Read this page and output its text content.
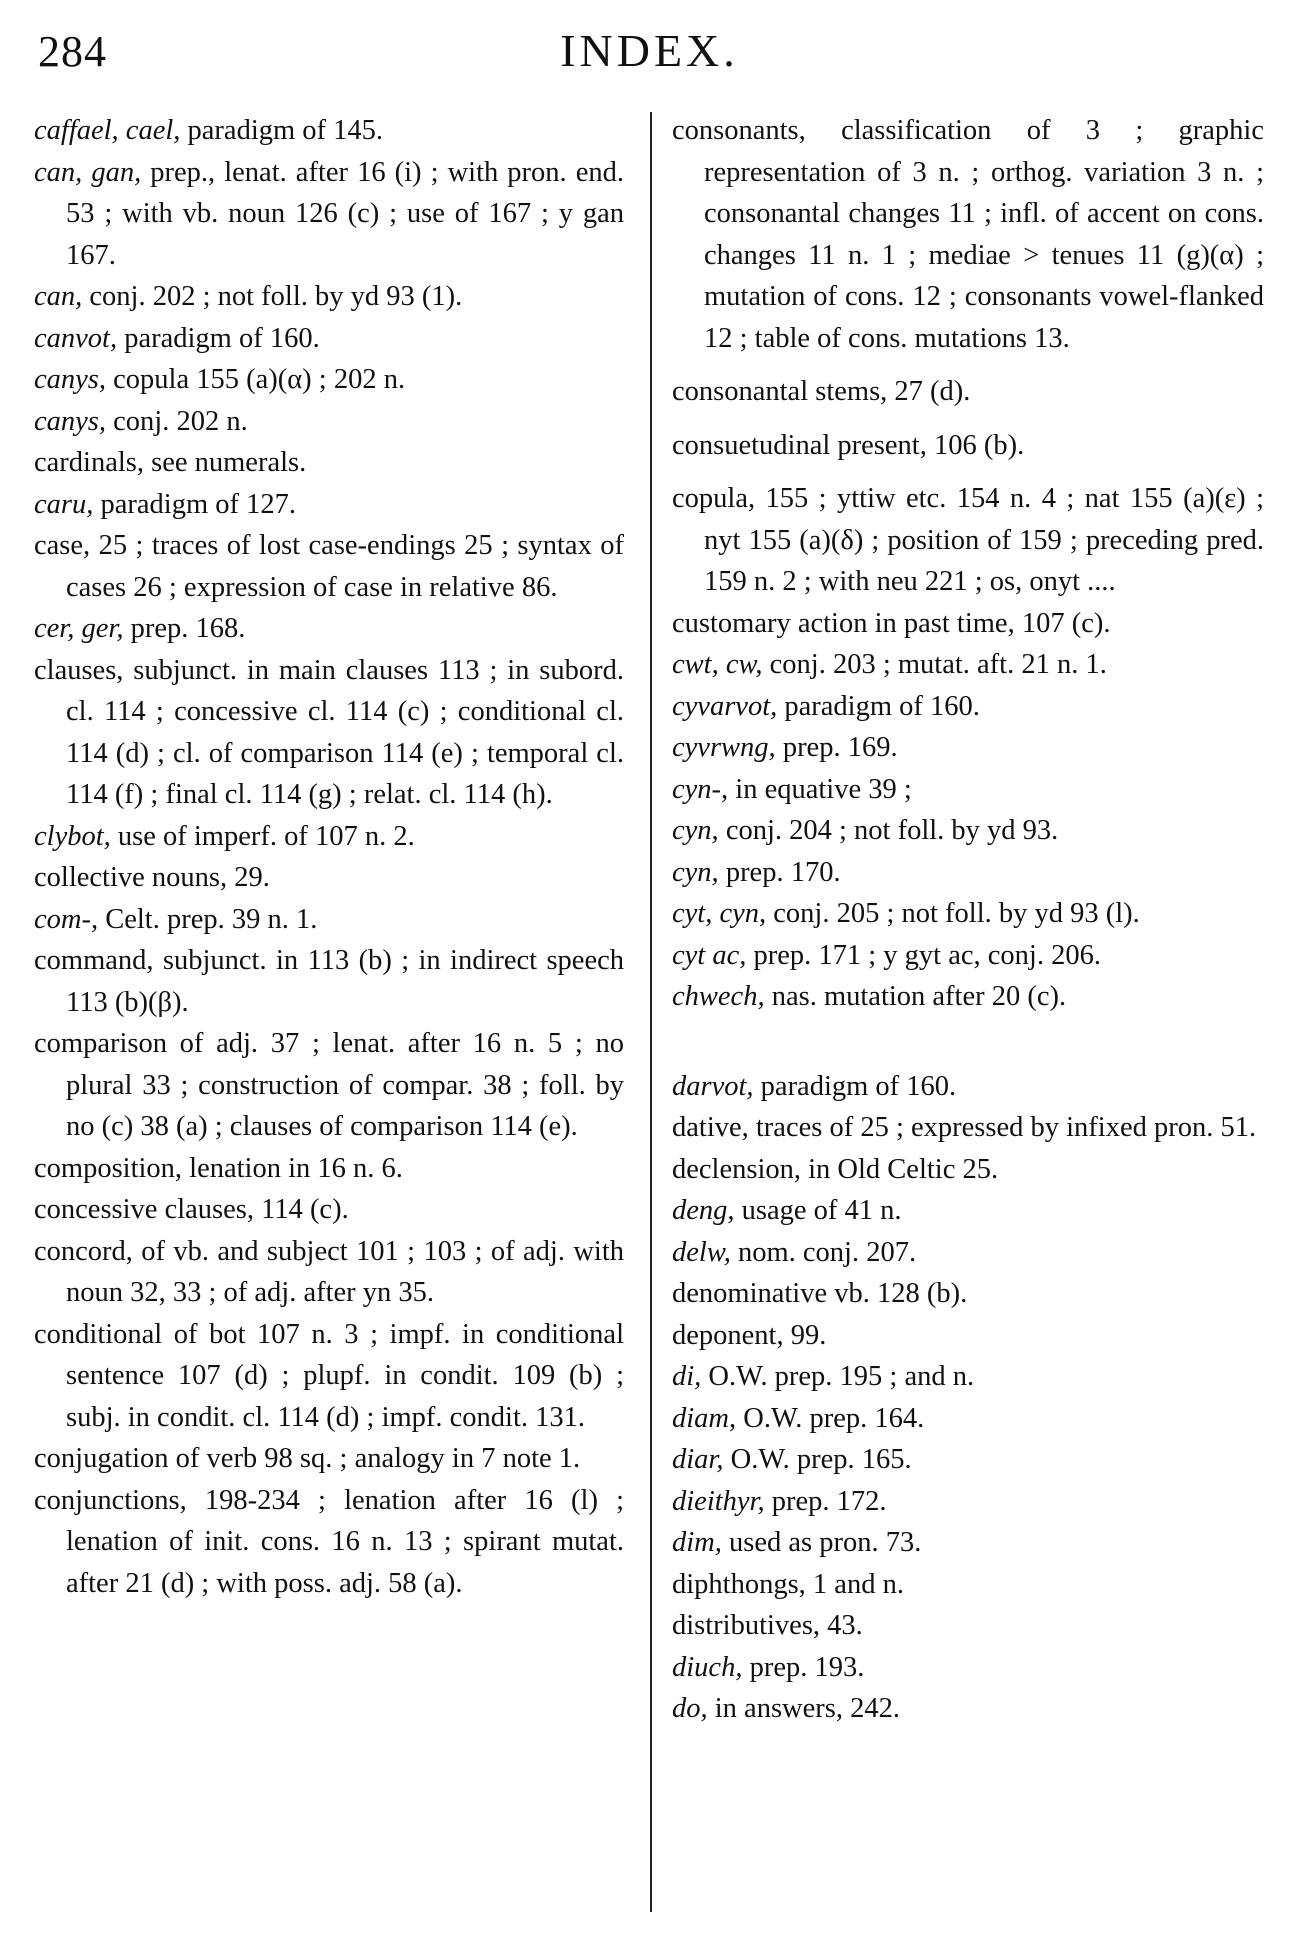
284	INDEX.

caffael, cael, paradigm of 145.

can, gan, prep., lenat. after 16 (i) ; with pron. end. 53 ; with vb. noun 126 (c) ; use of 167 ; y gan 167.

can, conj. 202 ; not foll. by yd 93 (1).

canvot, paradigm of 160.

canys, copula 155 (a)(α) ; 202 n.

canys, conj. 202 n.

cardinals, see numerals.

caru, paradigm of 127.

case, 25 ; traces of lost case-endings 25 ; syntax of cases 26 ; expression of case in relative 86.

cer, ger, prep. 168.

clauses, subjunct. in main clauses 113 ; in subord. cl. 114 ; concessive cl. 114 (c) ; conditional cl. 114 (d) ; cl. of comparison 114 (e) ; temporal cl. 114 (f) ; final cl. 114 (g) ; relat. cl. 114 (h).

clybot, use of imperf. of 107 n. 2.

collective nouns, 29.

com-, Celt. prep. 39 n. 1.

command, subjunct. in 113 (b) ; in indirect speech 113 (b)(β).

comparison of adj. 37 ; lenat. after 16 n. 5 ; no plural 33 ; construction of compar. 38 ; foll. by no (c) 38 (a) ; clauses of comparison 114 (e).

composition, lenation in 16 n. 6.

concessive clauses, 114 (c).

concord, of vb. and subject 101 ; 103 ; of adj. with noun 32, 33 ; of adj. after yn 35.

conditional of bot 107 n. 3 ; impf. in conditional sentence 107 (d) ; plupf. in condit. 109 (b) ; subj. in condit. cl. 114 (d) ; impf. condit. 131.

conjugation of verb 98 sq. ; analogy in 7 note 1.

conjunctions, 198-234 ; lenation after 16 (l) ; lenation of init. cons. 16 n. 13 ; spirant mutat. after 21 (d) ; with poss. adj. 58 (a).

consonants, classification of 3 ; graphic representation of 3 n. ; orthog. variation 3 n. ; consonantal changes 11 ; infl. of accent on cons. changes 11 n. 1 ; mediae > tenues 11 (g)(α) ; mutation of cons. 12 ; consonants vowel-flanked 12 ; table of cons. mutations 13.

consonantal stems, 27 (d).

consuetudinal present, 106 (b).

copula, 155 ; yttiw etc. 154 n. 4 ; nat 155 (a)(ε) ; nyt 155 (a)(δ) ; position of 159 ; preceding pred. 159 n. 2 ; with neu 221 ; os, onyt ....

customary action in past time, 107 (c).

cwt, cw, conj. 203 ; mutat. aft. 21 n. 1.

cyvarvot, paradigm of 160.

cyvrwng, prep. 169.

cyn-, in equative 39 ;

cyn, conj. 204 ; not foll. by yd 93.

cyn, prep. 170.

cyt, cyn, conj. 205 ; not foll. by yd 93 (l).

cyt ac, prep. 171 ; y gyt ac, conj. 206.

chwech, nas. mutation after 20 (c).

darvot, paradigm of 160.

dative, traces of 25 ; expressed by infixed pron. 51.

declension, in Old Celtic 25.

deng, usage of 41 n.

delw, nom. conj. 207.

denominative vb. 128 (b).

deponent, 99.

di, O.W. prep. 195 ; and n.

diam, O.W. prep. 164.

diar, O.W. prep. 165.

dieithyr, prep. 172.

dim, used as pron. 73.

diphthongs, 1 and n.

distributives, 43.

diuch, prep. 193.

do, in answers, 242.
